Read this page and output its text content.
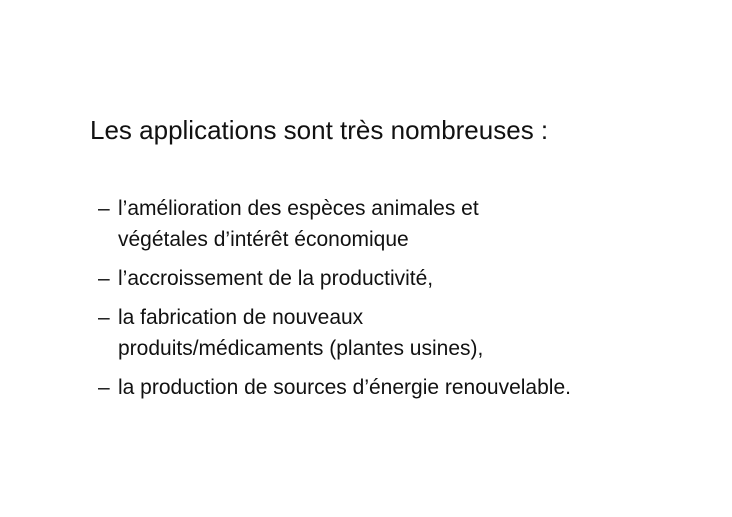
Les applications sont très nombreuses :
– l’amélioration des espèces animales et
végétales d’intérêt économique
– l’accroissement de la productivité,
– la fabrication de nouveaux
produits/médicaments (plantes usines),
– la production de sources d’énergie renouvelable.
